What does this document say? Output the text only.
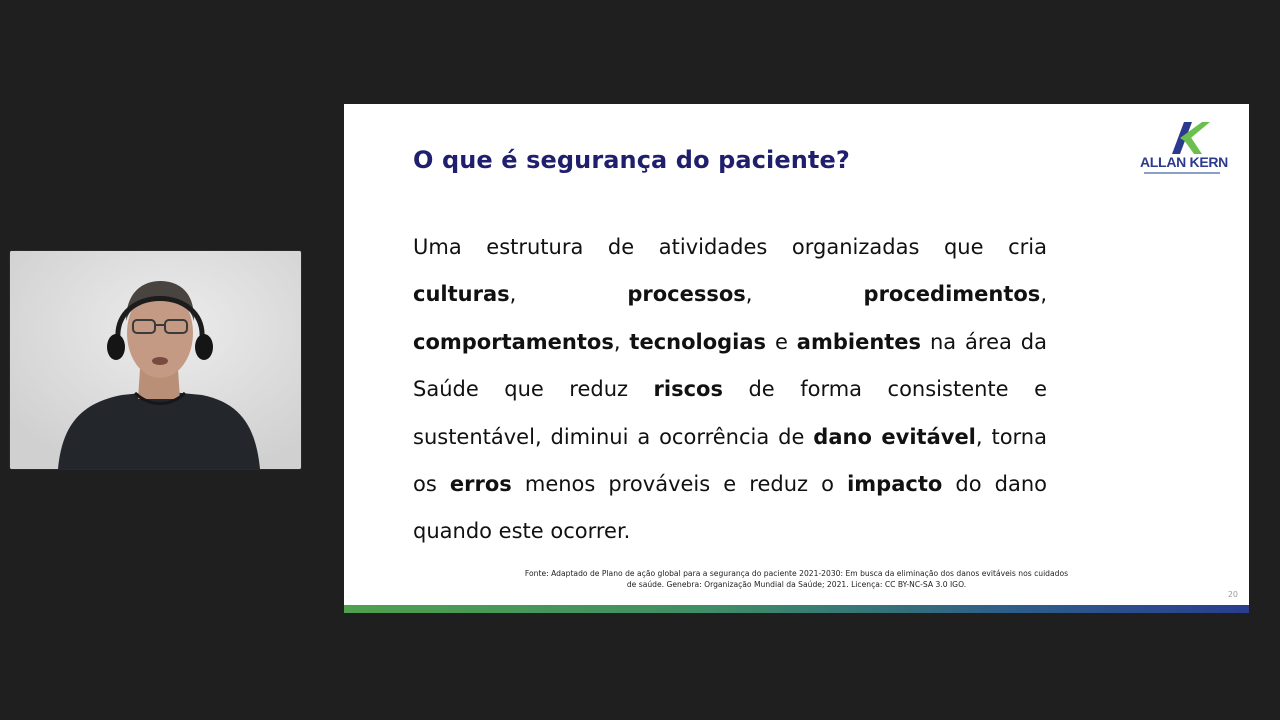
O que é segurança do paciente?	ALLAN KERN
Uma estrutura de atividades organizadas que cria culturas, processos, procedimentos, comportamentos, tecnologias e ambientes na área da Saúde que reduz riscos de forma consistente e sustentável, diminui a ocorrência de dano evitável, torna os erros menos prováveis e reduz o impacto do dano quando este ocorrer.
Fonte: Adaptado de Plano de ação global para a segurança do paciente 2021-2030: Em busca da eliminação dos danos evitáveis nos cuidados de saúde. Genebra: Organização Mundial da Saúde; 2021. Licença: CC BY-NC-SA 3.0 IGO.
20
